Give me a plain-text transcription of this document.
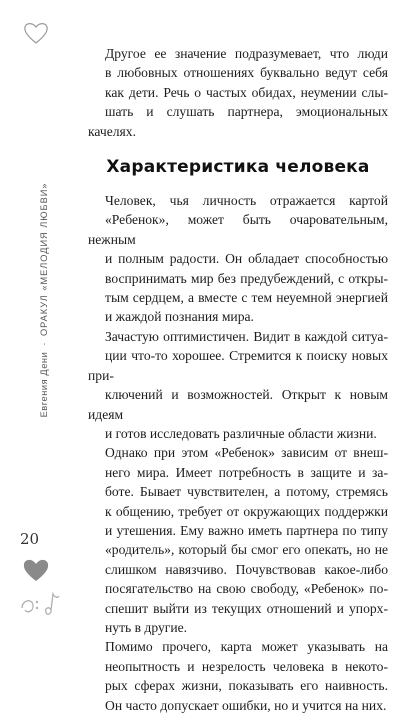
Евгения Дени·ОРАКУЛ «МЕЛОДИЯ ЛЮБВИ»
20

Другое ее значение подразумевает, что люди
в любовных отношениях буквально ведут себя
как дети. Речь о частых обидах, неумении слы-
шать и слушать партнера, эмоциональных качелях.

Характеристика человека

Человек, чья личность отражается картой
«Ребенок», может быть очаровательным, нежным
и полным радости. Он обладает способностью
воспринимать мир без предубеждений, с откры-
тым сердцем, а вместе с тем неуемной энергией
и жаждой познания мира.

Зачастую оптимистичен. Видит в каждой ситуа-
ции что-то хорошее. Стремится к поиску новых при-
ключений и возможностей. Открыт к новым идеям
и готов исследовать различные области жизни.

Однако при этом «Ребенок» зависим от внеш-
него мира. Имеет потребность в защите и за-
боте. Бывает чувствителен, а потому, стремясь
к общению, требует от окружающих поддержки
и утешения. Ему важно иметь партнера по типу
«родитель», который бы смог его опекать, но не
слишком навязчиво. Почувствовав какое-либо
посягательство на свою свободу, «Ребенок» по-
спешит выйти из текущих отношений и упорх-
нуть в другие.

Помимо прочего, карта может указывать на
неопытность и незрелость человека в некото-
рых сферах жизни, показывать его наивность.
Он часто допускает ошибки, но и учится на них.
